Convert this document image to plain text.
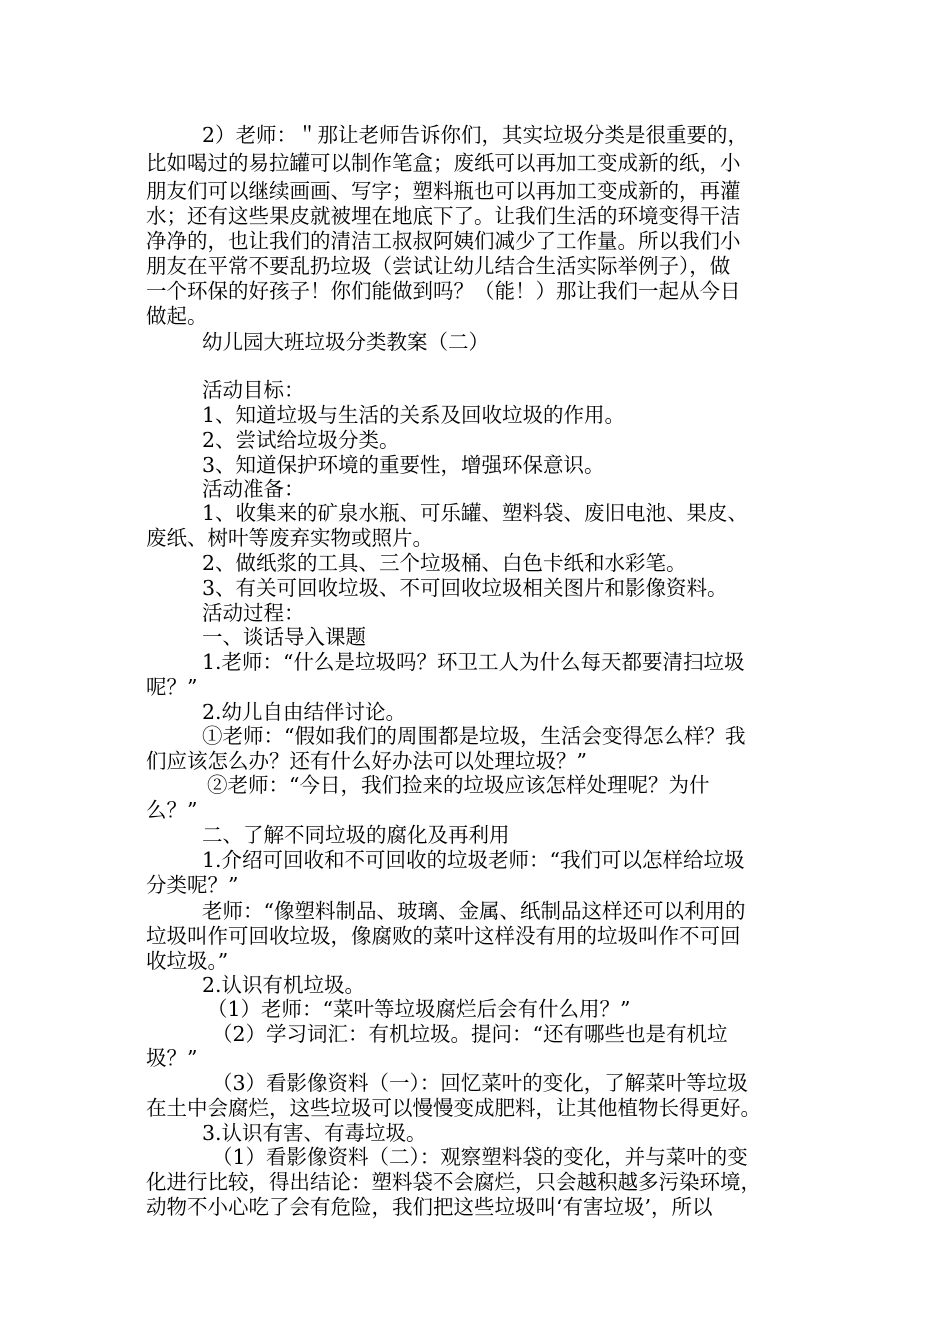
2）老师：＂那让老师告诉你们，其实垃圾分类是很重要的，
比如喝过的易拉罐可以制作笔盒；废纸可以再加工变成新的纸，小
朋友们可以继续画画、写字；塑料瓶也可以再加工变成新的，再灌
水；还有这些果皮就被埋在地底下了。让我们生活的环境变得干洁
净净的，也让我们的清洁工叔叔阿姨们减少了工作量。所以我们小
朋友在平常不要乱扔垃圾（尝试让幼儿结合生活实际举例子），做
一个环保的好孩子！你们能做到吗？（能！）那让我们一起从今日
做起。
幼儿园大班垃圾分类教案（二）
活动目标：
1、知道垃圾与生活的关系及回收垃圾的作用。
2、尝试给垃圾分类。
3、知道保护环境的重要性，增强环保意识。
活动准备：
1、收集来的矿泉水瓶、可乐罐、塑料袋、废旧电池、果皮、
废纸、树叶等废弃实物或照片。
2、做纸浆的工具、三个垃圾桶、白色卡纸和水彩笔。
3、有关可回收垃圾、不可回收垃圾相关图片和影像资料。
活动过程：
一、谈话导入课题
1.老师：“什么是垃圾吗？环卫工人为什么每天都要清扫垃圾
呢？”
2.幼儿自由结伴讨论。
①老师：“假如我们的周围都是垃圾，生活会变得怎么样？我
们应该怎么办？还有什么好办法可以处理垃圾？”
②老师：“今日，我们捡来的垃圾应该怎样处理呢？为什
么？”
二、了解不同垃圾的腐化及再利用
1.介绍可回收和不可回收的垃圾老师：“我们可以怎样给垃圾
分类呢？”
老师：“像塑料制品、玻璃、金属、纸制品这样还可以利用的
垃圾叫作可回收垃圾，像腐败的菜叶这样没有用的垃圾叫作不可回
收垃圾。”
2.认识有机垃圾。
（1）老师：“菜叶等垃圾腐烂后会有什么用？”
（2）学习词汇：有机垃圾。提问：“还有哪些也是有机垃
圾？”
（3）看影像资料（一）：回忆菜叶的变化，了解菜叶等垃圾
在土中会腐烂，这些垃圾可以慢慢变成肥料，让其他植物长得更好。
3.认识有害、有毒垃圾。
（1）看影像资料（二）：观察塑料袋的变化，并与菜叶的变
化进行比较，得出结论：塑料袋不会腐烂，只会越积越多污染环境，
动物不小心吃了会有危险，我们把这些垃圾叫‘有害垃圾’，所以
